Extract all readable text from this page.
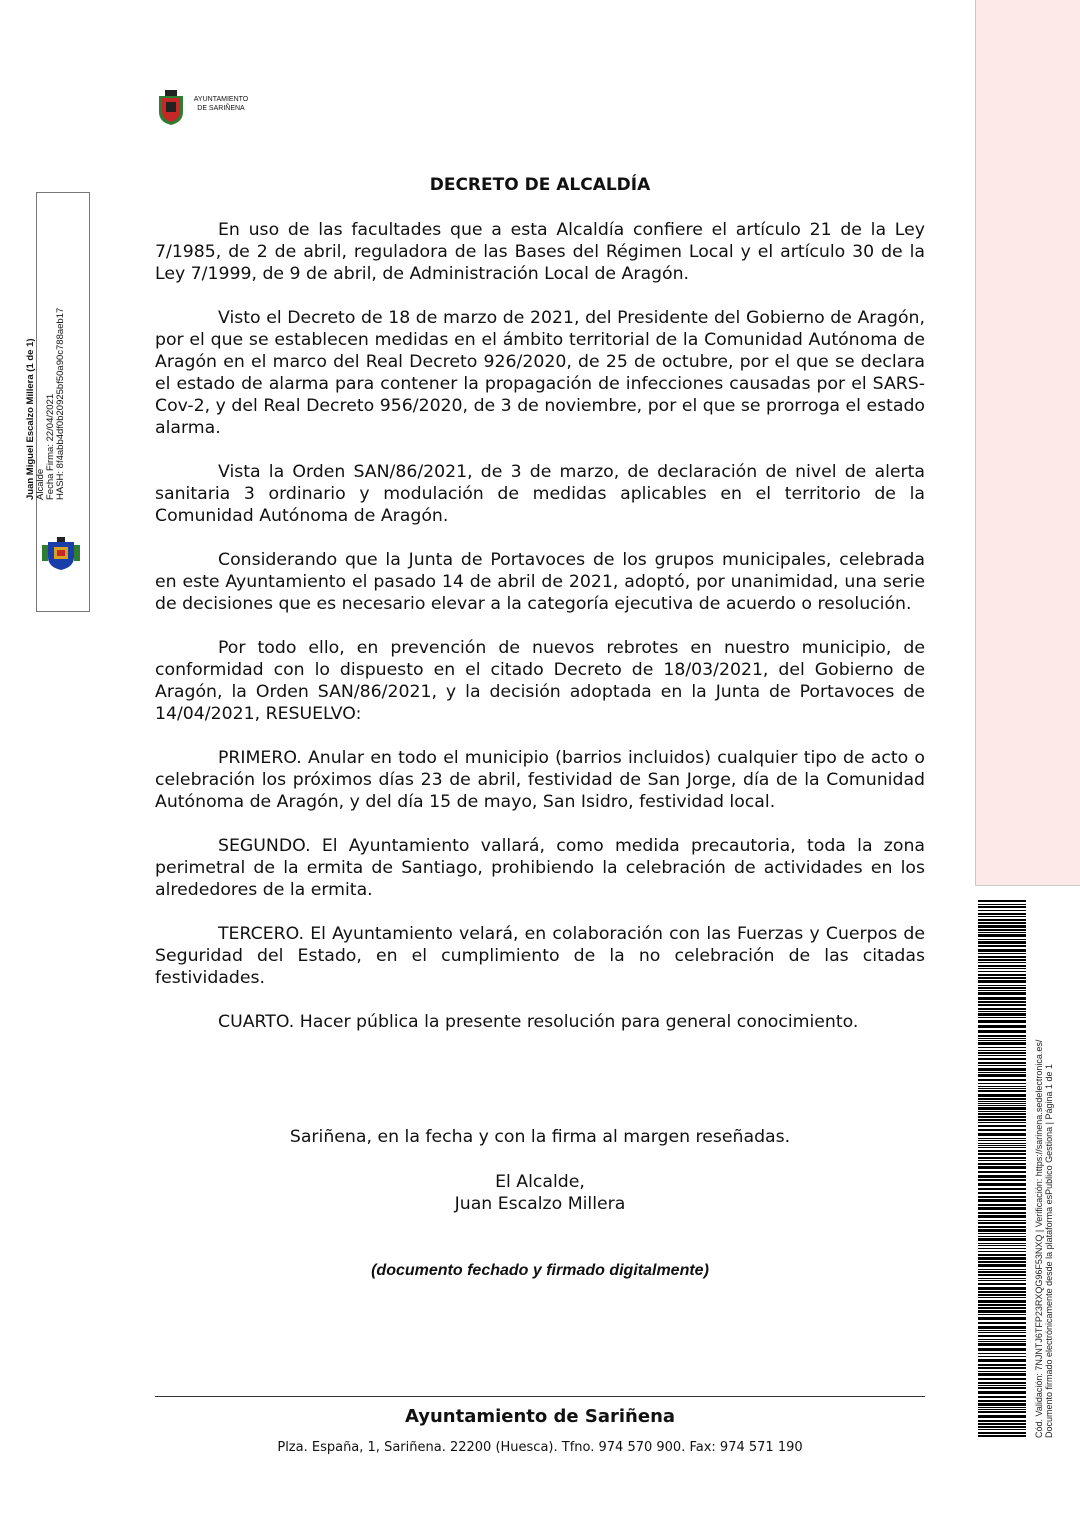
AYUNTAMIENTO
DE SARIÑENA
DECRETO DE ALCALDÍA

En uso de las facultades que a esta Alcaldía confiere el artículo 21 de la Ley 7/1985, de 2 de abril, reguladora de las Bases del Régimen Local y el artículo 30 de la Ley 7/1999, de 9 de abril, de Administración Local de Aragón.

Visto el Decreto de 18 de marzo de 2021, del Presidente del Gobierno de Aragón, por el que se establecen medidas en el ámbito territorial de la Comunidad Autónoma de Aragón en el marco del Real Decreto 926/2020, de 25 de octubre, por el que se declara el estado de alarma para contener la propagación de infecciones causadas por el SARS-Cov-2, y del Real Decreto 956/2020, de 3 de noviembre, por el que se prorroga el estado alarma.

Vista la Orden SAN/86/2021, de 3 de marzo, de declaración de nivel de alerta sanitaria 3 ordinario y modulación de medidas aplicables en el territorio de la Comunidad Autónoma de Aragón.

Considerando que la Junta de Portavoces de los grupos municipales, celebrada en este Ayuntamiento el pasado 14 de abril de 2021, adoptó, por unanimidad, una serie de decisiones que es necesario elevar a la categoría ejecutiva de acuerdo o resolución.

Por todo ello, en prevención de nuevos rebrotes en nuestro municipio, de conformidad con lo dispuesto en el citado Decreto de 18/03/2021, del Gobierno de Aragón, la Orden SAN/86/2021, y la decisión adoptada en la Junta de Portavoces de 14/04/2021, RESUELVO:

PRIMERO. Anular en todo el municipio (barrios incluidos) cualquier tipo de acto o celebración los próximos días 23 de abril, festividad de San Jorge, día de la Comunidad Autónoma de Aragón, y del día 15 de mayo, San Isidro, festividad local.

SEGUNDO. El Ayuntamiento vallará, como medida precautoria, toda la zona perimetral de la ermita de Santiago, prohibiendo la celebración de actividades en los alrededores de la ermita.

TERCERO. El Ayuntamiento velará, en colaboración con las Fuerzas y Cuerpos de Seguridad del Estado, en el cumplimiento de la no celebración de las citadas festividades.

CUARTO. Hacer pública la presente resolución para general conocimiento.

Sariñena, en la fecha y con la firma al margen reseñadas.
El Alcalde,
Juan Escalzo Millera
(documento fechado y firmado digitalmente)
Ayuntamiento de Sariñena
Plza. España, 1, Sariñena. 22200 (Huesca). Tfno. 974 570 900. Fax: 974 571 190
Juan Miguel Escalzo Millera (1 de 1) Alcalde Fecha Firma: 22/04/2021 HASH: 8f4abb4df0b20925bf50a90c788aeb17
Cód. Validación: 7NJNTJ6TFP23RXQG96F53NXQ | Verificación: https://sarinena.sedelectronica.es/ Documento firmado electrónicamente desde la plataforma esPublico Gestiona | Página 1 de 1
